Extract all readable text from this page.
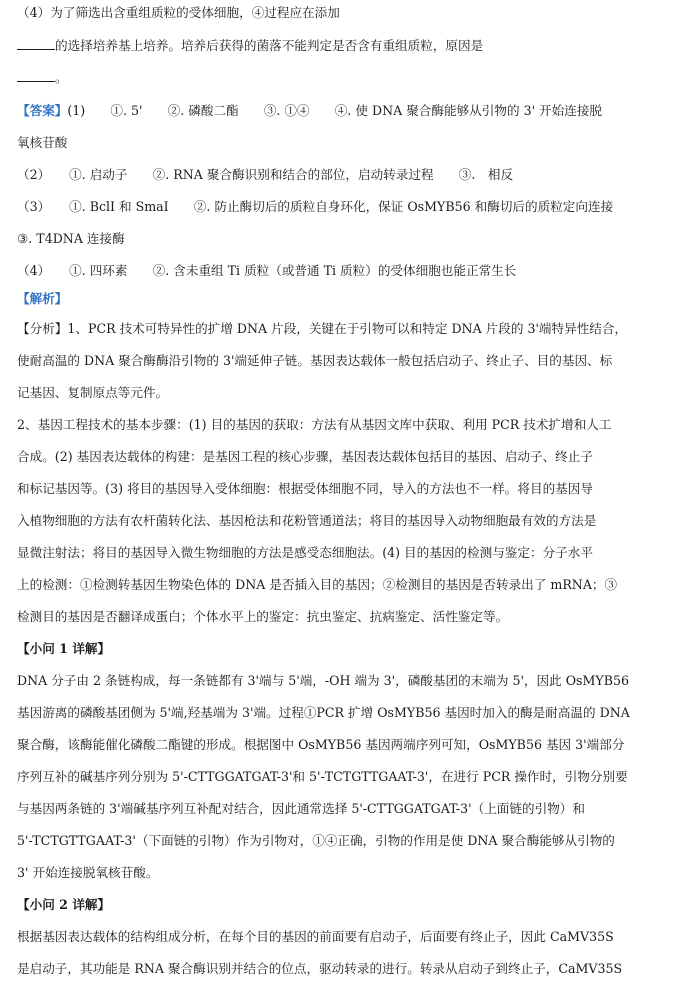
（4）为了筛选出含重组质粒的受体细胞，④过程应在添加
的选择培养基上培养。培养后获得的菌落不能判定是否含有重组质粒，原因是
。
【答案】(1)　　①. 5'　　②. 磷酸二酯　　③. ①④　　④. 使 DNA 聚合酶能够从引物的 3' 开始连接脱
氧核苷酸
（2）　　①. 启动子　　②. RNA 聚合酶识别和结合的部位，启动转录过程　　③.　相反
（3）　　①. BclI 和 SmaI　　②. 防止酶切后的质粒自身环化，保证 OsMYB56 和酶切后的质粒定向连接
③. T4DNA 连接酶
（4）　　①. 四环素　　②. 含未重组 Ti 质粒（或普通 Ti 质粒）的受体细胞也能正常生长
【解析】
【分析】1、PCR 技术可特异性的扩增 DNA 片段，关键在于引物可以和特定 DNA 片段的 3'端特异性结合，
使耐高温的 DNA 聚合酶酶沿引物的 3'端延伸子链。基因表达载体一般包括启动子、终止子、目的基因、标
记基因、复制原点等元件。
2、基因工程技术的基本步骤：(1) 目的基因的获取：方法有从基因文库中获取、利用 PCR 技术扩增和人工
合成。(2) 基因表达载体的构建：是基因工程的核心步骤，基因表达载体包括目的基因、启动子、终止子
和标记基因等。(3) 将目的基因导入受体细胞：根据受体细胞不同，导入的方法也不一样。将目的基因导
入植物细胞的方法有农杆菌转化法、基因枪法和花粉管通道法；将目的基因导入动物细胞最有效的方法是
显微注射法；将目的基因导入微生物细胞的方法是感受态细胞法。(4) 目的基因的检测与鉴定：分子水平
上的检测：①检测转基因生物染色体的 DNA 是否插入目的基因；②检测目的基因是否转录出了 mRNA；③
检测目的基因是否翻译成蛋白；个体水平上的鉴定：抗虫鉴定、抗病鉴定、活性鉴定等。
【小问 1 详解】
DNA 分子由 2 条链构成，每一条链都有 3'端与 5'端，-OH 端为 3'，磷酸基团的末端为 5'，因此 OsMYB56
基因游离的磷酸基团侧为 5'端,羟基端为 3'端。过程①PCR 扩增 OsMYB56 基因时加入的酶是耐高温的 DNA
聚合酶，该酶能催化磷酸二酯键的形成。根据图中 OsMYB56 基因两端序列可知，OsMYB56 基因 3'端部分
序列互补的碱基序列分别为 5'-CTTGGATGAT-3'和 5'-TCTGTTGAAT-3'，在进行 PCR 操作时，引物分别要
与基因两条链的 3'端碱基序列互补配对结合，因此通常选择 5'-CTTGGATGAT-3'（上面链的引物）和
5'-TCTGTTGAAT-3'（下面链的引物）作为引物对，①④正确，引物的作用是使 DNA 聚合酶能够从引物的
3' 开始连接脱氧核苷酸。
【小问 2 详解】
根据基因表达载体的结构组成分析，在每个目的基因的前面要有启动子，后面要有终止子，因此 CaMV35S
是启动子，其功能是 RNA 聚合酶识别并结合的位点，驱动转录的进行。转录从启动子到终止子，CaMV35S
